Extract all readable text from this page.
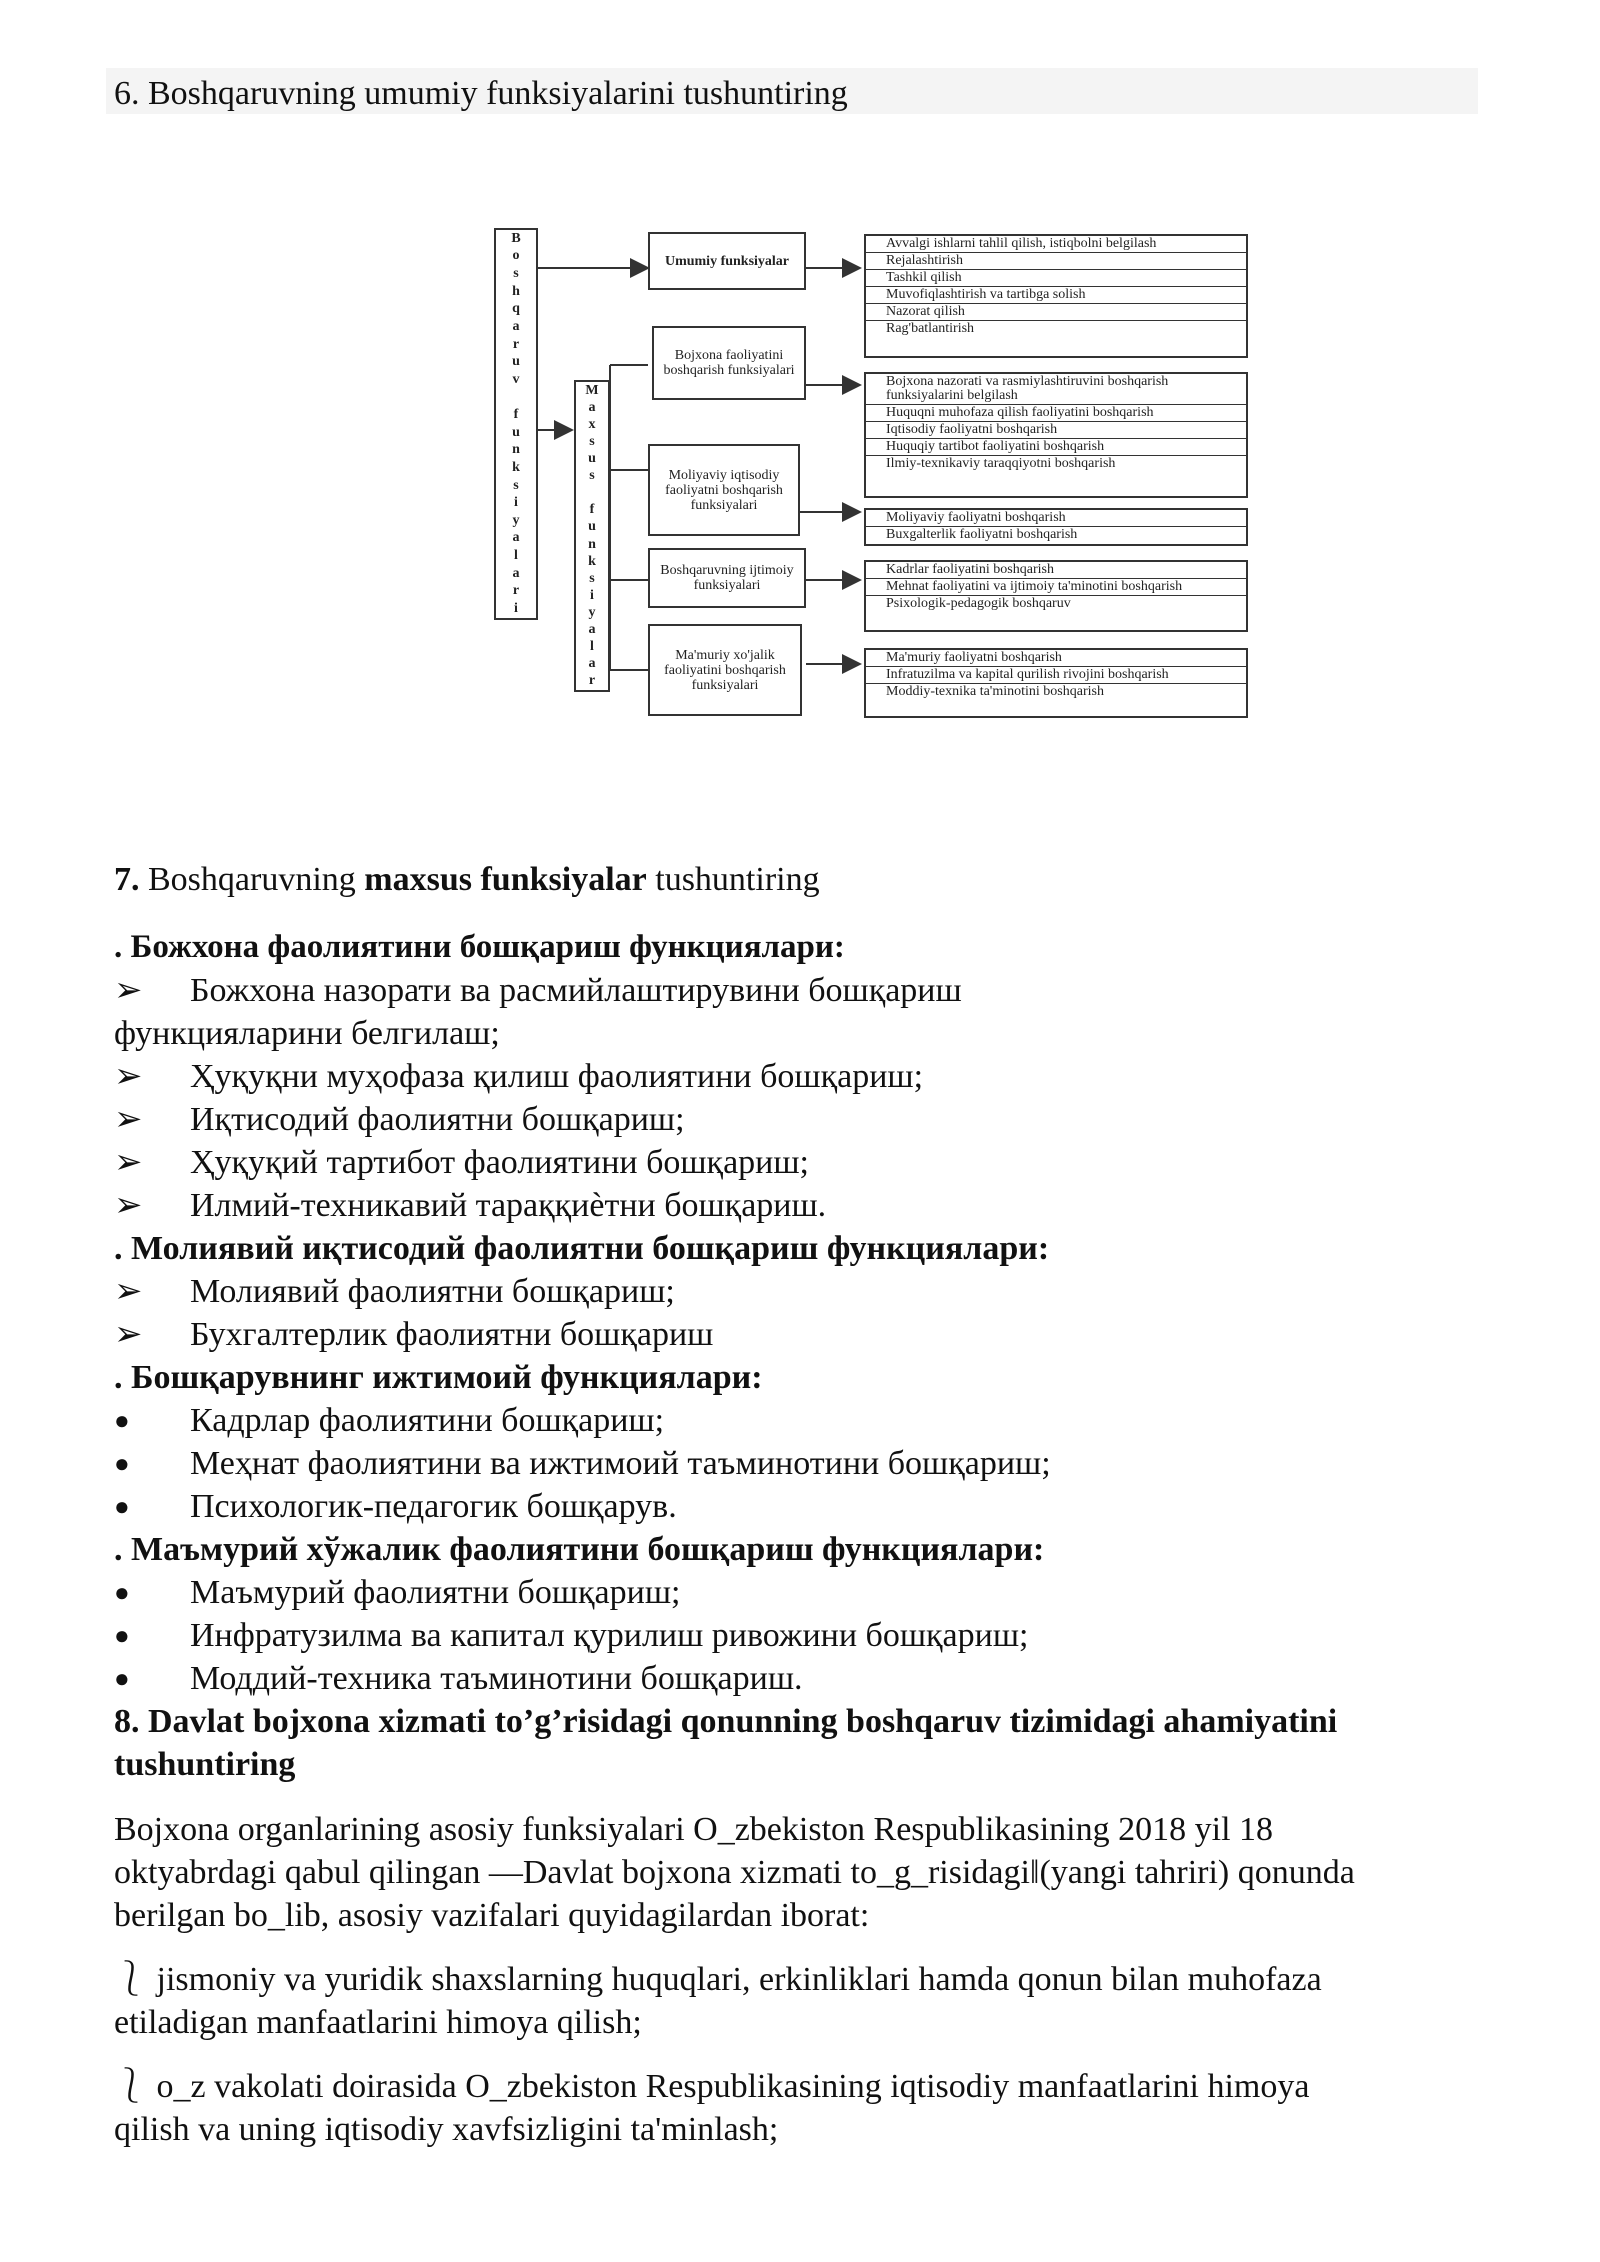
6. Boshqaruvning umumiy funksiyalarini tushuntiring
B
o
s
h
q
a
r
u
v

f
u
n
k
s
i
y
a
l
a
r
i
M
a
x
s
u
s

f
u
n
k
s
i
y
a
l
a
r
Umumiy funksiyalar
Bojxona faoliyatini boshqarish funksiyalari
Moliyaviy iqtisodiy faoliyatni boshqarish funksiyalari
Boshqaruvning ijtimoiy funksiyalari
Ma'muriy xo'jalik faoliyatini boshqarish funksiyalari
Avvalgi ishlarni tahlil qilish, istiqbolni belgilash
Rejalashtirish
Tashkil qilish
Muvofiqlashtirish va tartibga solish
Nazorat qilish
Rag'batlantirish
Bojxona nazorati va rasmiylashtiruvini boshqarish funksiyalarini belgilash
Huquqni muhofaza qilish faoliyatini boshqarish
Iqtisodiy faoliyatni boshqarish
Huquqiy tartibot faoliyatini boshqarish
Ilmiy-texnikaviy taraqqiyotni boshqarish
Moliyaviy faoliyatni boshqarish
Buxgalterlik faoliyatni boshqarish
Kadrlar faoliyatini boshqarish
Mehnat faoliyatini va ijtimoiy ta'minotini boshqarish
Psixologik-pedagogik boshqaruv
Ma'muriy faoliyatni boshqarish
Infratuzilma va kapital qurilish rivojini boshqarish
Moddiy-texnika ta'minotini boshqarish
7. Boshqaruvning maxsus funksiyalar tushuntiring
. Божхона фаолиятини бошқариш функциялари:
➢	Божхона назорати ва расмийлаштирувини бошқариш
функцияларини белгилаш;
➢	Ҳуқуқни муҳофаза қилиш фаолиятини бошқариш;
➢	Иқтисодий фаолиятни бошқариш;
➢	Ҳуқуқий тартибот фаолиятини бошқариш;
➢	Илмий-техникавий тараққиѐтни бошқариш.
. Молиявий иқтисодий фаолиятни бошқариш функциялари:
➢	Молиявий фаолиятни бошқариш;
➢	Бухгалтерлик фаолиятни бошқариш
. Бошқарувнинг ижтимоий функциялари:
●	Кадрлар фаолиятини бошқариш;
●	Меҳнат фаолиятини ва ижтимоий таъминотини бошқариш;
●	Психологик-педагогик бошқарув.
. Маъмурий хўжалик фаолиятини бошқариш функциялари:
●	Маъмурий фаолиятни бошқариш;
●	Инфратузилма ва капитал қурилиш ривожини бошқариш;
●	Моддий-техника таъминотини бошқариш.
8. Davlat bojxona xizmati to’g’risidagi qonunning boshqaruv tizimidagi ahamiyatini
tushuntiring
Bojxona organlarining asosiy funksiyalari O_zbekiston Respublikasining 2018 yil 18
oktyabrdagi qabul qilingan ―Davlat bojxona xizmati to_g_risidagi‖(yangi tahriri) qonunda
berilgan bo_lib, asosiy vazifalari quyidagilardan iborat:
⎱ jismoniy va yuridik shaxslarning huquqlari, erkinliklari hamda qonun bilan muhofaza
etiladigan manfaatlarini himoya qilish;
⎱ o_z vakolati doirasida O_zbekiston Respublikasining iqtisodiy manfaatlarini himoya
qilish va uning iqtisodiy xavfsizligini ta'minlash;
